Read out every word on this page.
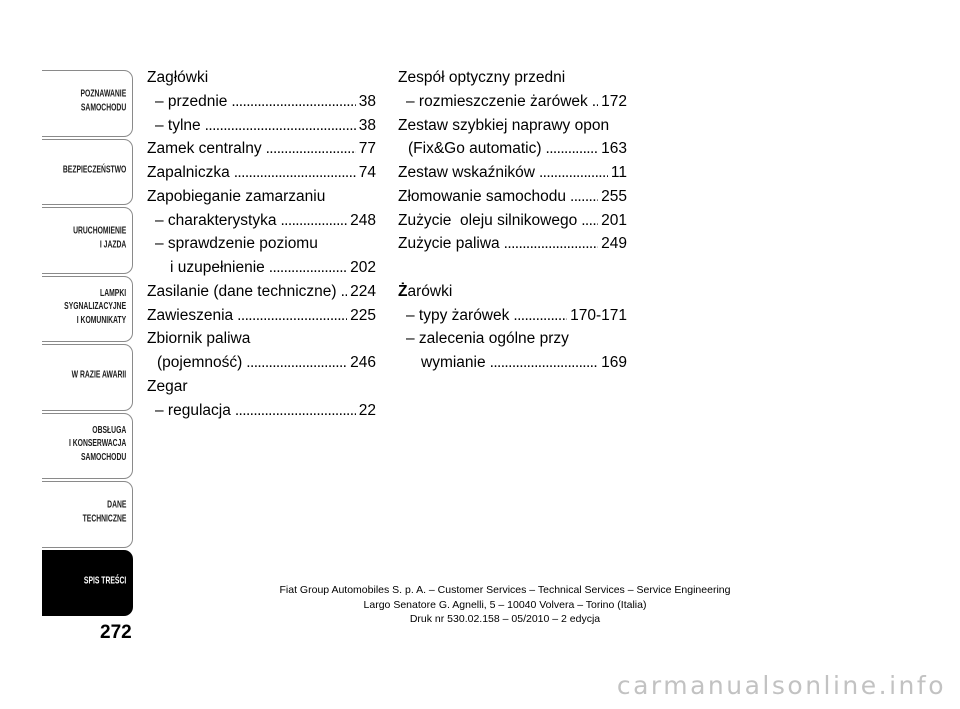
POZNAWANIE
SAMOCHODU
BEZPIECZEŃSTWO
URUCHOMIENIE
I JAZDA
LAMPKI
SYGNALIZACYJNE
I KOMUNIKATY
W RAZIE AWARII
OBSŁUGA
I KONSERWACJA
SAMOCHODU
DANE
TECHNICZNE
SPIS TREŚCI
272
Zagłówki
– przednie .....	38
– tylne .....	38
Zamek centralny .....	77
Zapalniczka .....	74
Zapobieganie zamarzaniu
– charakterystyka .....	248
– sprawdzenie poziomu
i uzupełnienie .....	202
Zasilanie (dane techniczne) ..... 224
Zawieszenia .....	225
Zbiornik paliwa
(pojemność) .....	246
Zegar
– regulacja .....	22
Zespół optyczny przedni
– rozmieszczenie żarówek ..... 172
Zestaw szybkiej naprawy opon
(Fix&Go automatic) .....	163
Zestaw wskaźników .....	11
Złomowanie samochodu ..... 255
Zużycie  oleju silnikowego ..... 201
Zużycie paliwa .....	249
Żarówki
– typy żarówek .....	170-171
– zalecenia ogólne przy
wymianie .....	169
Fiat Group Automobiles S. p. A. – Customer Services – Technical Services – Service Engineering
Largo Senatore G. Agnelli, 5 – 10040 Volvera – Torino (Italia)
Druk nr 530.02.158 – 05/2010 – 2 edycja
carmanualsonline.info
